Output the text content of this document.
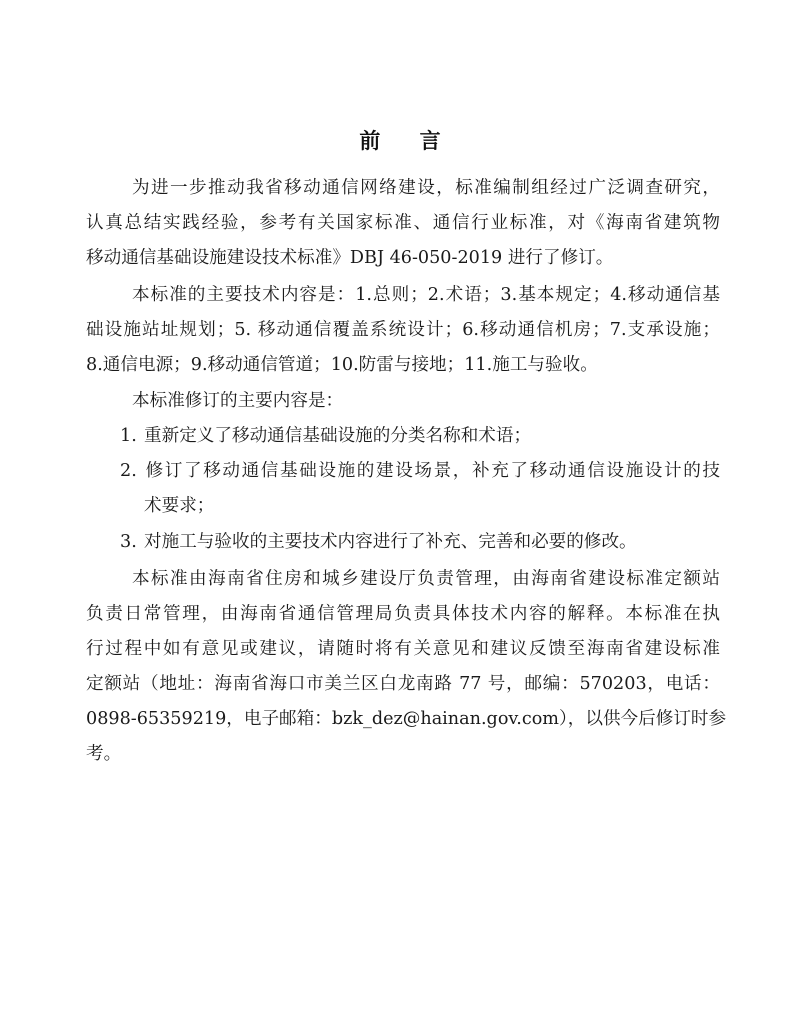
前 言
为进一步推动我省移动通信网络建设，标准编制组经过广泛调查研究，
认真总结实践经验，参考有关国家标准、通信行业标准，对《海南省建筑物
移动通信基础设施建设技术标准》DBJ 46-050-2019 进行了修订。
本标准的主要技术内容是：1.总则；2.术语；3.基本规定；4.移动通信基
础设施站址规划；5. 移动通信覆盖系统设计；6.移动通信机房；7.支承设施；
8.通信电源；9.移动通信管道；10.防雷与接地；11.施工与验收。
本标准修订的主要内容是：
1. 重新定义了移动通信基础设施的分类名称和术语；
2. 修订了移动通信基础设施的建设场景，补充了移动通信设施设计的技
术要求；
3. 对施工与验收的主要技术内容进行了补充、完善和必要的修改。
本标准由海南省住房和城乡建设厅负责管理，由海南省建设标准定额站
负责日常管理，由海南省通信管理局负责具体技术内容的解释。本标准在执
行过程中如有意见或建议，请随时将有关意见和建议反馈至海南省建设标准
定额站（地址：海南省海口市美兰区白龙南路 77 号，邮编：570203，电话：
0898-65359219，电子邮箱：bzk_dez@hainan.gov.com），以供今后修订时参
考。
